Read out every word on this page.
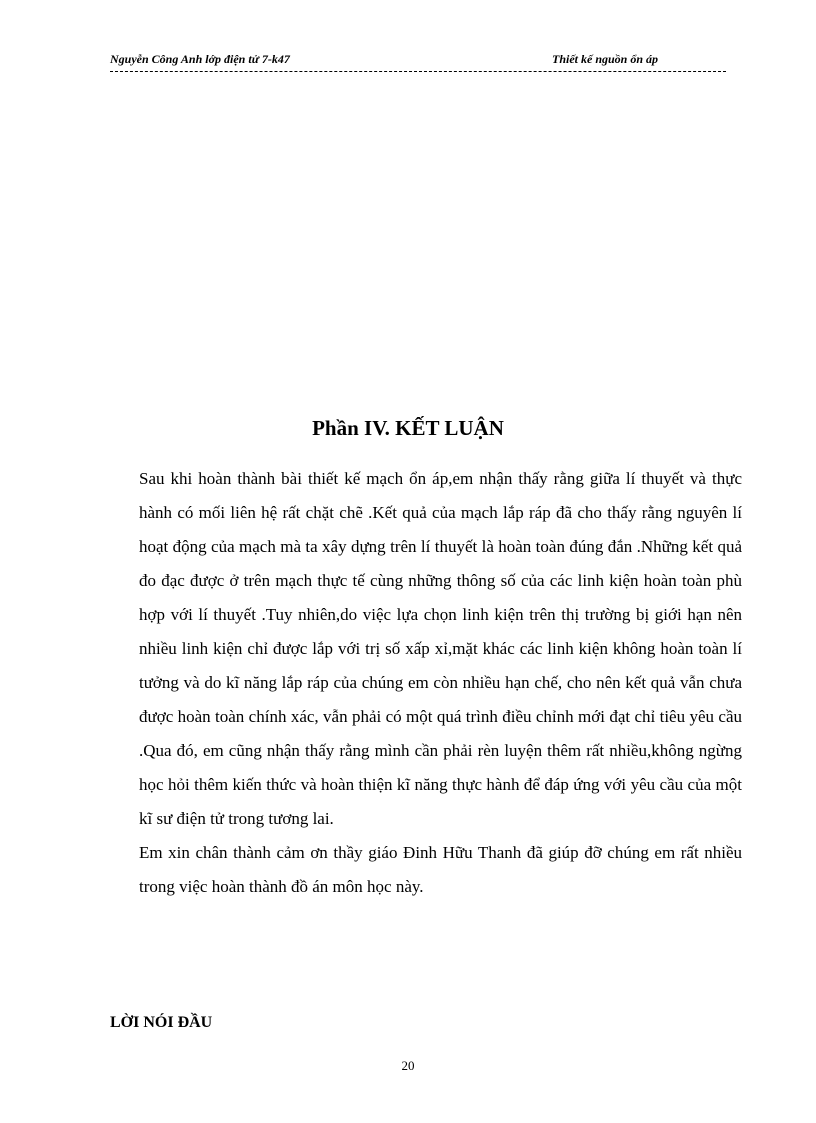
Nguyễn Công Anh lớp điện tử 7-k47	Thiết kế nguồn ổn áp
Phần IV. KẾT LUẬN

Sau khi hoàn thành bài thiết kế mạch ổn áp,em nhận thấy rằng giữa lí thuyết và thực hành có mối liên hệ rất chặt chẽ .Kết quả của mạch lắp ráp đã cho thấy rằng nguyên lí hoạt động của mạch mà ta xây dựng trên lí thuyết là hoàn toàn đúng đắn .Những kết quả đo đạc được ở trên mạch thực tế cùng những thông số của các linh kiện hoàn toàn phù hợp với lí thuyết .Tuy nhiên,do việc lựa chọn linh kiện trên thị trường bị giới hạn nên nhiều linh kiện chỉ được lắp với trị số xấp xỉ,mặt khác các linh kiện không hoàn toàn lí tưởng và do kĩ năng lắp ráp của chúng em còn nhiều hạn chế, cho nên kết quả vẫn chưa được hoàn toàn chính xác, vẫn phải có một quá trình điều chỉnh mới đạt chỉ tiêu yêu cầu .Qua đó, em cũng nhận thấy rằng mình cần phải rèn luyện thêm rất nhiều,không ngừng học hỏi thêm kiến thức và hoàn thiện kĩ năng thực hành để đáp ứng với yêu cầu của một kĩ sư điện tử trong tương lai.

Em xin chân thành cảm ơn thầy giáo Đinh Hữu Thanh đã giúp đỡ chúng em rất nhiều trong việc hoàn thành đồ án môn học này.

LỜI NÓI ĐẦU
20
